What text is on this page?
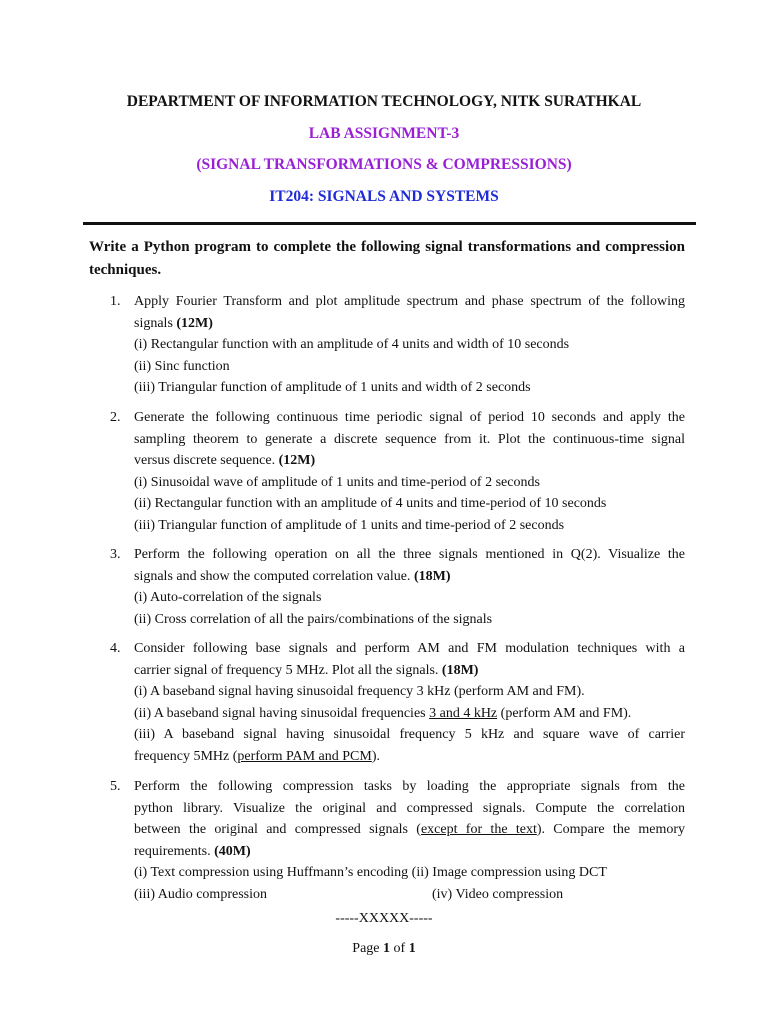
DEPARTMENT OF INFORMATION TECHNOLOGY, NITK SURATHKAL
LAB ASSIGNMENT-3
(SIGNAL TRANSFORMATIONS & COMPRESSIONS)
IT204: SIGNALS AND SYSTEMS
Write a Python program to complete the following signal transformations and compression techniques.
1. Apply Fourier Transform and plot amplitude spectrum and phase spectrum of the following
signals (12M)
(i) Rectangular function with an amplitude of 4 units and width of 10 seconds
(ii) Sinc function
(iii) Triangular function of amplitude of 1 units and width of 2 seconds
2. Generate the following continuous time periodic signal of period 10 seconds and apply the
sampling theorem to generate a discrete sequence from it. Plot the continuous-time signal
versus discrete sequence. (12M)
(i) Sinusoidal wave of amplitude of 1 units and time-period of 2 seconds
(ii) Rectangular function with an amplitude of 4 units and time-period of 10 seconds
(iii) Triangular function of amplitude of 1 units and time-period of 2 seconds
3. Perform the following operation on all the three signals mentioned in Q(2). Visualize the
signals and show the computed correlation value. (18M)
(i) Auto-correlation of the signals
(ii) Cross correlation of all the pairs/combinations of the signals
4. Consider following base signals and perform AM and FM modulation techniques with a
carrier signal of frequency 5 MHz. Plot all the signals. (18M)
(i) A baseband signal having sinusoidal frequency 3 kHz (perform AM and FM).
(ii) A baseband signal having sinusoidal frequencies 3 and 4 kHz (perform AM and FM).
(iii) A baseband signal having sinusoidal frequency 5 kHz and square wave of carrier
frequency 5MHz (perform PAM and PCM).
5. Perform the following compression tasks by loading the appropriate signals from the
python library. Visualize the original and compressed signals. Compute the correlation
between the original and compressed signals (except for the text). Compare the memory
requirements. (40M)
(i) Text compression using Huffmann’s encoding (ii) Image compression using DCT
(iii) Audio compression	(iv) Video compression
-----XXXXX-----
Page 1 of 1
